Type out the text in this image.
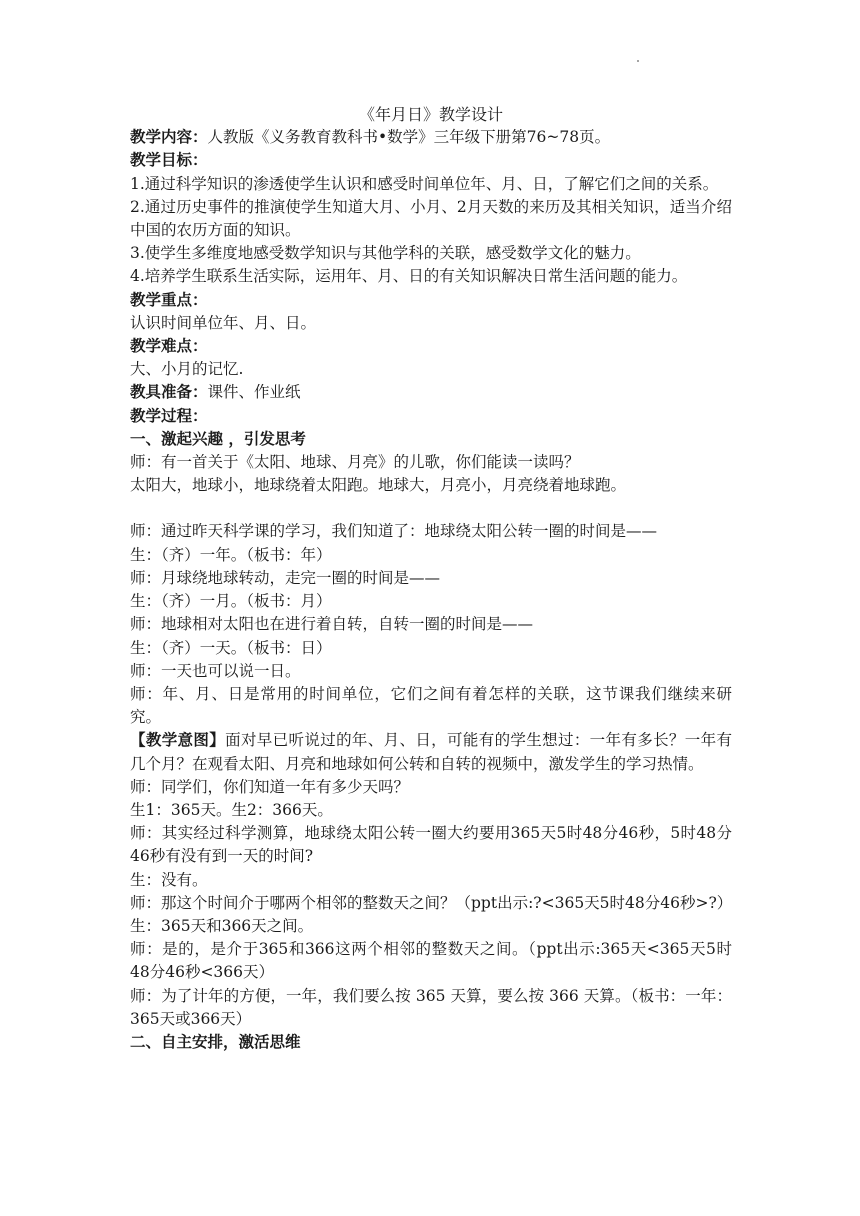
《年月日》教学设计
教学内容：人教版《义务教育教科书•数学》三年级下册第76~78页。
教学目标：
1.通过科学知识的渗透使学生认识和感受时间单位年、月、日，了解它们之间的关系。
2.通过历史事件的推演使学生知道大月、小月、2月天数的来历及其相关知识，适当介绍中国的农历方面的知识。
3.使学生多维度地感受数学知识与其他学科的关联，感受数学文化的魅力。
4.培养学生联系生活实际，运用年、月、日的有关知识解决日常生活问题的能力。
教学重点：
认识时间单位年、月、日。
教学难点：
大、小月的记忆.
教具准备：课件、作业纸
教学过程：
一、激起兴趣 ，引发思考
师：有一首关于《太阳、地球、月亮》的儿歌，你们能读一读吗？
太阳大，地球小，地球绕着太阳跑。地球大，月亮小，月亮绕着地球跑。
师：通过昨天科学课的学习，我们知道了：地球绕太阳公转一圈的时间是——
生：（齐）一年。（板书：年）
师：月球绕地球转动，走完一圈的时间是——
生：（齐）一月。（板书：月）
师：地球相对太阳也在进行着自转，自转一圈的时间是——
生：（齐）一天。（板书：日）
师：一天也可以说一日。
师：年、月、日是常用的时间单位，它们之间有着怎样的关联，这节课我们继续来研究。
【教学意图】面对早已听说过的年、月、日，可能有的学生想过：一年有多长？一年有几个月？在观看太阳、月亮和地球如何公转和自转的视频中，激发学生的学习热情。
师：同学们，你们知道一年有多少天吗？
生1：365天。生2：366天。
师：其实经过科学测算，地球绕太阳公转一圈大约要用365天5时48分46秒，5时48分46秒有没有到一天的时间?
生：没有。
师：那这个时间介于哪两个相邻的整数天之间？（ppt出示:?<365天5时48分46秒>?）
生：365天和366天之间。
师：是的，是介于365和366这两个相邻的整数天之间。（ppt出示:365天<365天5时48分46秒<366天）
师：为了计年的方便，一年，我们要么按 365 天算，要么按 366 天算。（板书：一年：365天或366天）
二、自主安排，激活思维
